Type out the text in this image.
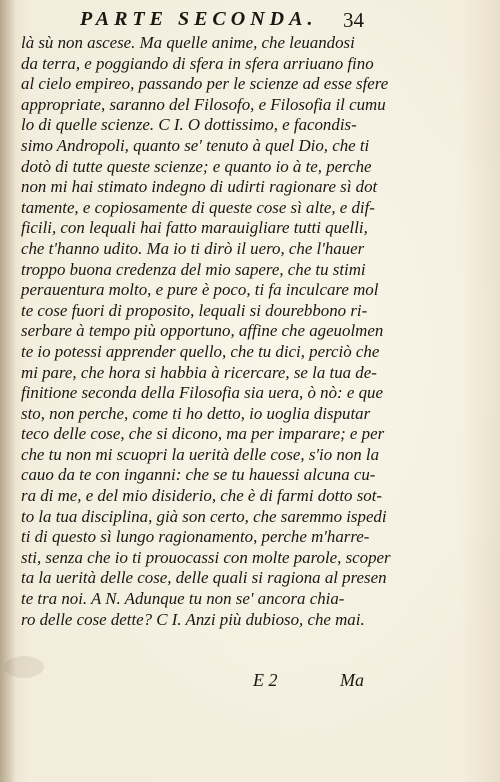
PARTE SECONDA. 34
là sù non ascese. Ma quelle anime, che leuandosi
da terra, e poggiando di sfera in sfera arriuano fino
al cielo empireo, passando per le scienze ad esse sfere
appropriate, saranno del Filosofo, e Filosofia il cumu
lo di quelle scienze. C I. O dottissimo, e facondis-
simo Andropoli, quanto se' tenuto à quel Dio, che ti
dotò di tutte queste scienze; e quanto io à te, perche
non mi hai stimato indegno di udirti ragionare sì dot
tamente, e copiosamente di queste cose sì alte, e dif-
ficili, con lequali hai fatto marauigliare tutti quelli,
che t'hanno udito. Ma io ti dirò il uero, che l'hauer
troppo buona credenza del mio sapere, che tu stimi
perauentura molto, e pure è poco, ti fa inculcare mol
te cose fuori di proposito, lequali si dourebbono ri-
serbare à tempo più opportuno, affine che ageuolmen
te io potessi apprender quello, che tu dici, perciò che
mi pare, che hora si habbia à ricercare, se la tua de-
finitione seconda della Filosofia sia uera, ò nò: e que
sto, non perche, come ti ho detto, io uoglia disputar
teco delle cose, che si dicono, ma per imparare; e per
che tu non mi scuopri la uerità delle cose, s'io non la
cauo da te con inganni: che se tu hauessi alcuna cu-
ra di me, e del mio disiderio, che è di farmi dotto sot-
to la tua disciplina, già son certo, che saremmo ispedi
ti di questo sì lungo ragionamento, perche m'harre-
sti, senza che io ti prouocassi con molte parole, scoper
ta la uerità delle cose, delle quali si ragiona al presen
te tra noi. A N. Adunque tu non se' ancora chia-
ro delle cose dette? C I. Anzi più dubioso, che mai.
E 2	Ma
